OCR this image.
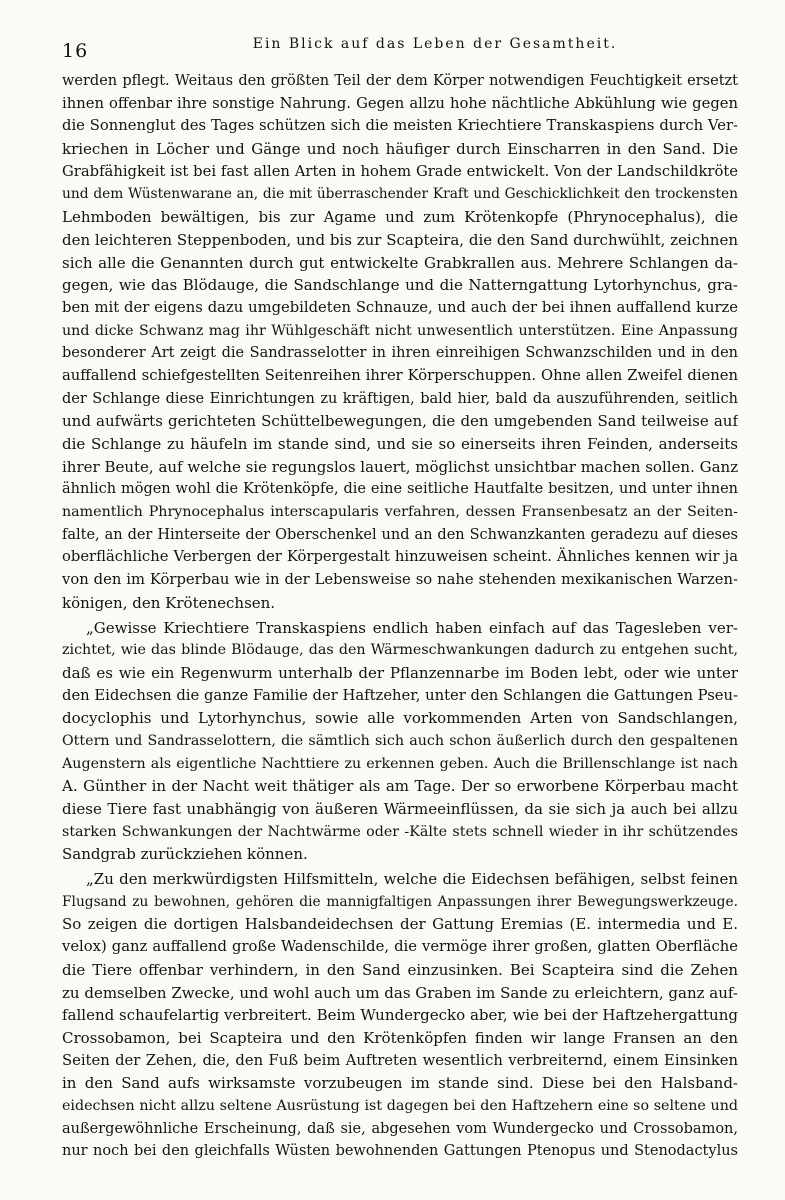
16	Ein Blick auf das Leben der Gesamtheit.
werden pflegt. Weitaus den größten Teil der dem Körper notwendigen Feuchtigkeit ersetzt
ihnen offenbar ihre sonstige Nahrung. Gegen allzu hohe nächtliche Abkühlung wie gegen
die Sonnenglut des Tages schützen sich die meisten Kriechtiere Transkaspiens durch Ver-
kriechen in Löcher und Gänge und noch häufiger durch Einscharren in den Sand. Die
Grabfähigkeit ist bei fast allen Arten in hohem Grade entwickelt. Von der Landschildkröte
und dem Wüstenwarane an, die mit überraschender Kraft und Geschicklichkeit den trockensten
Lehmboden bewältigen, bis zur Agame und zum Krötenkopfe (Phrynocephalus), die
den leichteren Steppenboden, und bis zur Scapteira, die den Sand durchwühlt, zeichnen
sich alle die Genannten durch gut entwickelte Grabkrallen aus. Mehrere Schlangen da-
gegen, wie das Blödauge, die Sandschlange und die Natterngattung Lytorhynchus, gra-
ben mit der eigens dazu umgebildeten Schnauze, und auch der bei ihnen auffallend kurze
und dicke Schwanz mag ihr Wühlgeschäft nicht unwesentlich unterstützen. Eine Anpassung
besonderer Art zeigt die Sandrasselotter in ihren einreihigen Schwanzschilden und in den
auffallend schiefgestellten Seitenreihen ihrer Körperschuppen. Ohne allen Zweifel dienen
der Schlange diese Einrichtungen zu kräftigen, bald hier, bald da auszuführenden, seitlich
und aufwärts gerichteten Schüttelbewegungen, die den umgebenden Sand teilweise auf
die Schlange zu häufeln im stande sind, und sie so einerseits ihren Feinden, anderseits
ihrer Beute, auf welche sie regungslos lauert, möglichst unsichtbar machen sollen. Ganz
ähnlich mögen wohl die Krötenköpfe, die eine seitliche Hautfalte besitzen, und unter ihnen
namentlich Phrynocephalus interscapularis verfahren, dessen Fransenbesatz an der Seiten-
falte, an der Hinterseite der Oberschenkel und an den Schwanzkanten geradezu auf dieses
oberflächliche Verbergen der Körpergestalt hinzuweisen scheint. Ähnliches kennen wir ja
von den im Körperbau wie in der Lebensweise so nahe stehenden mexikanischen Warzen-
königen, den Krötenechsen.
„Gewisse Kriechtiere Transkaspiens endlich haben einfach auf das Tagesleben ver-
zichtet, wie das blinde Blödauge, das den Wärmeschwankungen dadurch zu entgehen sucht,
daß es wie ein Regenwurm unterhalb der Pflanzennarbe im Boden lebt, oder wie unter
den Eidechsen die ganze Familie der Haftzeher, unter den Schlangen die Gattungen Pseu-
docyclophis und Lytorhynchus, sowie alle vorkommenden Arten von Sandschlangen,
Ottern und Sandrasselottern, die sämtlich sich auch schon äußerlich durch den gespaltenen
Augenstern als eigentliche Nachttiere zu erkennen geben. Auch die Brillenschlange ist nach
A. Günther in der Nacht weit thätiger als am Tage. Der so erworbene Körperbau macht
diese Tiere fast unabhängig von äußeren Wärmeeinflüssen, da sie sich ja auch bei allzu
starken Schwankungen der Nachtwärme oder -Kälte stets schnell wieder in ihr schützendes
Sandgrab zurückziehen können.
„Zu den merkwürdigsten Hilfsmitteln, welche die Eidechsen befähigen, selbst feinen
Flugsand zu bewohnen, gehören die mannigfaltigen Anpassungen ihrer Bewegungswerkzeuge.
So zeigen die dortigen Halsbandeidechsen der Gattung Eremias (E. intermedia und E.
velox) ganz auffallend große Wadenschilde, die vermöge ihrer großen, glatten Oberfläche
die Tiere offenbar verhindern, in den Sand einzusinken. Bei Scapteira sind die Zehen
zu demselben Zwecke, und wohl auch um das Graben im Sande zu erleichtern, ganz auf-
fallend schaufelartig verbreitert. Beim Wundergecko aber, wie bei der Haftzehergattung
Crossobamon, bei Scapteira und den Krötenköpfen finden wir lange Fransen an den
Seiten der Zehen, die, den Fuß beim Auftreten wesentlich verbreiternd, einem Einsinken
in den Sand aufs wirksamste vorzubeugen im stande sind. Diese bei den Halsband-
eidechsen nicht allzu seltene Ausrüstung ist dagegen bei den Haftzehern eine so seltene und
außergewöhnliche Erscheinung, daß sie, abgesehen vom Wundergecko und Crossobamon,
nur noch bei den gleichfalls Wüsten bewohnenden Gattungen Ptenopus und Stenodactylus
